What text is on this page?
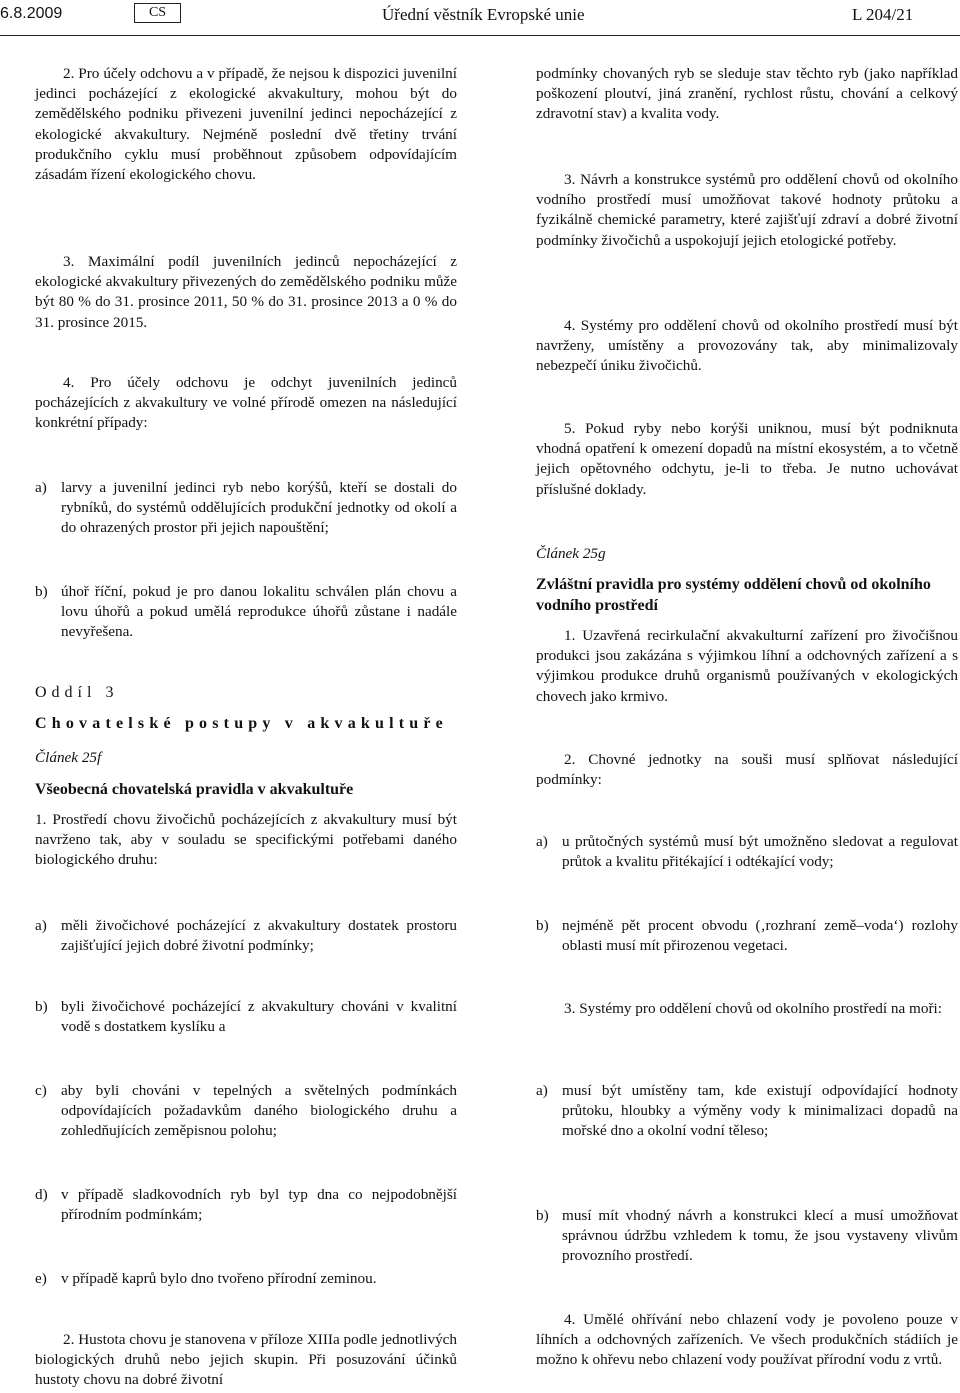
6.8.2009	CS	Úřední věstník Evropské unie	L 204/21

2. Pro účely odchovu a v případě, že nejsou k dispozici juvenilní jedinci pocházející z ekologické akvakultury, mohou být do zemědělského podniku přivezeni juvenilní jedinci nepocházející z ekologické akvakultury. Nejméně poslední dvě třetiny trvání produkčního cyklu musí proběhnout způsobem odpovídajícím zásadám řízení ekologického chovu.

3. Maximální podíl juvenilních jedinců nepocházející z ekologické akvakultury přivezených do zemědělského podniku může být 80 % do 31. prosince 2011, 50 % do 31. prosince 2013 a 0 % do 31. prosince 2015.

4. Pro účely odchovu je odchyt juvenilních jedinců pocházejících z akvakultury ve volné přírodě omezen na následující konkrétní případy:

a) larvy a juvenilní jedinci ryb nebo korýšů, kteří se dostali do rybníků, do systémů oddělujících produkční jednotky od okolí a do ohrazených prostor při jejich napouštění;
b) úhoř říční, pokud je pro danou lokalitu schválen plán chovu a lovu úhořů a pokud umělá reprodukce úhořů zůstane i nadále nevyřešena.
Oddíl 3
Chovatelské postupy v akvakultuře
Článek 25f
Všeobecná chovatelská pravidla v akvakultuře

1. Prostředí chovu živočichů pocházejících z akvakultury musí být navrženo tak, aby v souladu se specifickými potřebami daného biologického druhu:

a) měli živočichové pocházející z akvakultury dostatek prostoru zajišťující jejich dobré životní podmínky;
b) byli živočichové pocházející z akvakultury chováni v kvalitní vodě s dostatkem kyslíku a
c) aby byli chováni v tepelných a světelných podmínkách odpovídajících požadavkům daného biologického druhu a zohledňujících zeměpisnou polohu;
d) v případě sladkovodních ryb byl typ dna co nejpodobnější přírodním podmínkám;
e) v případě kaprů bylo dno tvořeno přírodní zeminou.

2. Hustota chovu je stanovena v příloze XIIIa podle jednotlivých biologických druhů nebo jejich skupin. Při posuzování účinků hustoty chovu na dobré životní

podmínky chovaných ryb se sleduje stav těchto ryb (jako například poškození ploutví, jiná zranění, rychlost růstu, chování a celkový zdravotní stav) a kvalita vody.

3. Návrh a konstrukce systémů pro oddělení chovů od okolního vodního prostředí musí umožňovat takové hodnoty průtoku a fyzikálně chemické parametry, které zajišťují zdraví a dobré životní podmínky živočichů a uspokojují jejich etologické potřeby.

4. Systémy pro oddělení chovů od okolního prostředí musí být navrženy, umístěny a provozovány tak, aby minimalizovaly nebezpečí úniku živočichů.

5. Pokud ryby nebo korýši uniknou, musí být podniknuta vhodná opatření k omezení dopadů na místní ekosystém, a to včetně jejich opětovného odchytu, je-li to třeba. Je nutno uchovávat příslušné doklady.

Článek 25g
Zvláštní pravidla pro systémy oddělení chovů od okolního vodního prostředí

1. Uzavřená recirkulační akvakulturní zařízení pro živočišnou produkci jsou zakázána s výjimkou líhní a odchovných zařízení a s výjimkou produkce druhů organismů používaných v ekologických chovech jako krmivo.

2. Chovné jednotky na souši musí splňovat následující podmínky:

a) u průtočných systémů musí být umožněno sledovat a regulovat průtok a kvalitu přitékající i odtékající vody;
b) nejméně pět procent obvodu (‚rozhraní země–voda‘) rozlohy oblasti musí mít přirozenou vegetaci.

3. Systémy pro oddělení chovů od okolního prostředí na moři:

a) musí být umístěny tam, kde existují odpovídající hodnoty průtoku, hloubky a výměny vody k minimalizaci dopadů na mořské dno a okolní vodní těleso;
b) musí mít vhodný návrh a konstrukci klecí a musí umožňovat správnou údržbu vzhledem k tomu, že jsou vystaveny vlivům provozního prostředí.

4. Umělé ohřívání nebo chlazení vody je povoleno pouze v líhních a odchovných zařízeních. Ve všech produkčních stádiích je možno k ohřevu nebo chlazení vody používat přírodní vodu z vrtů.
